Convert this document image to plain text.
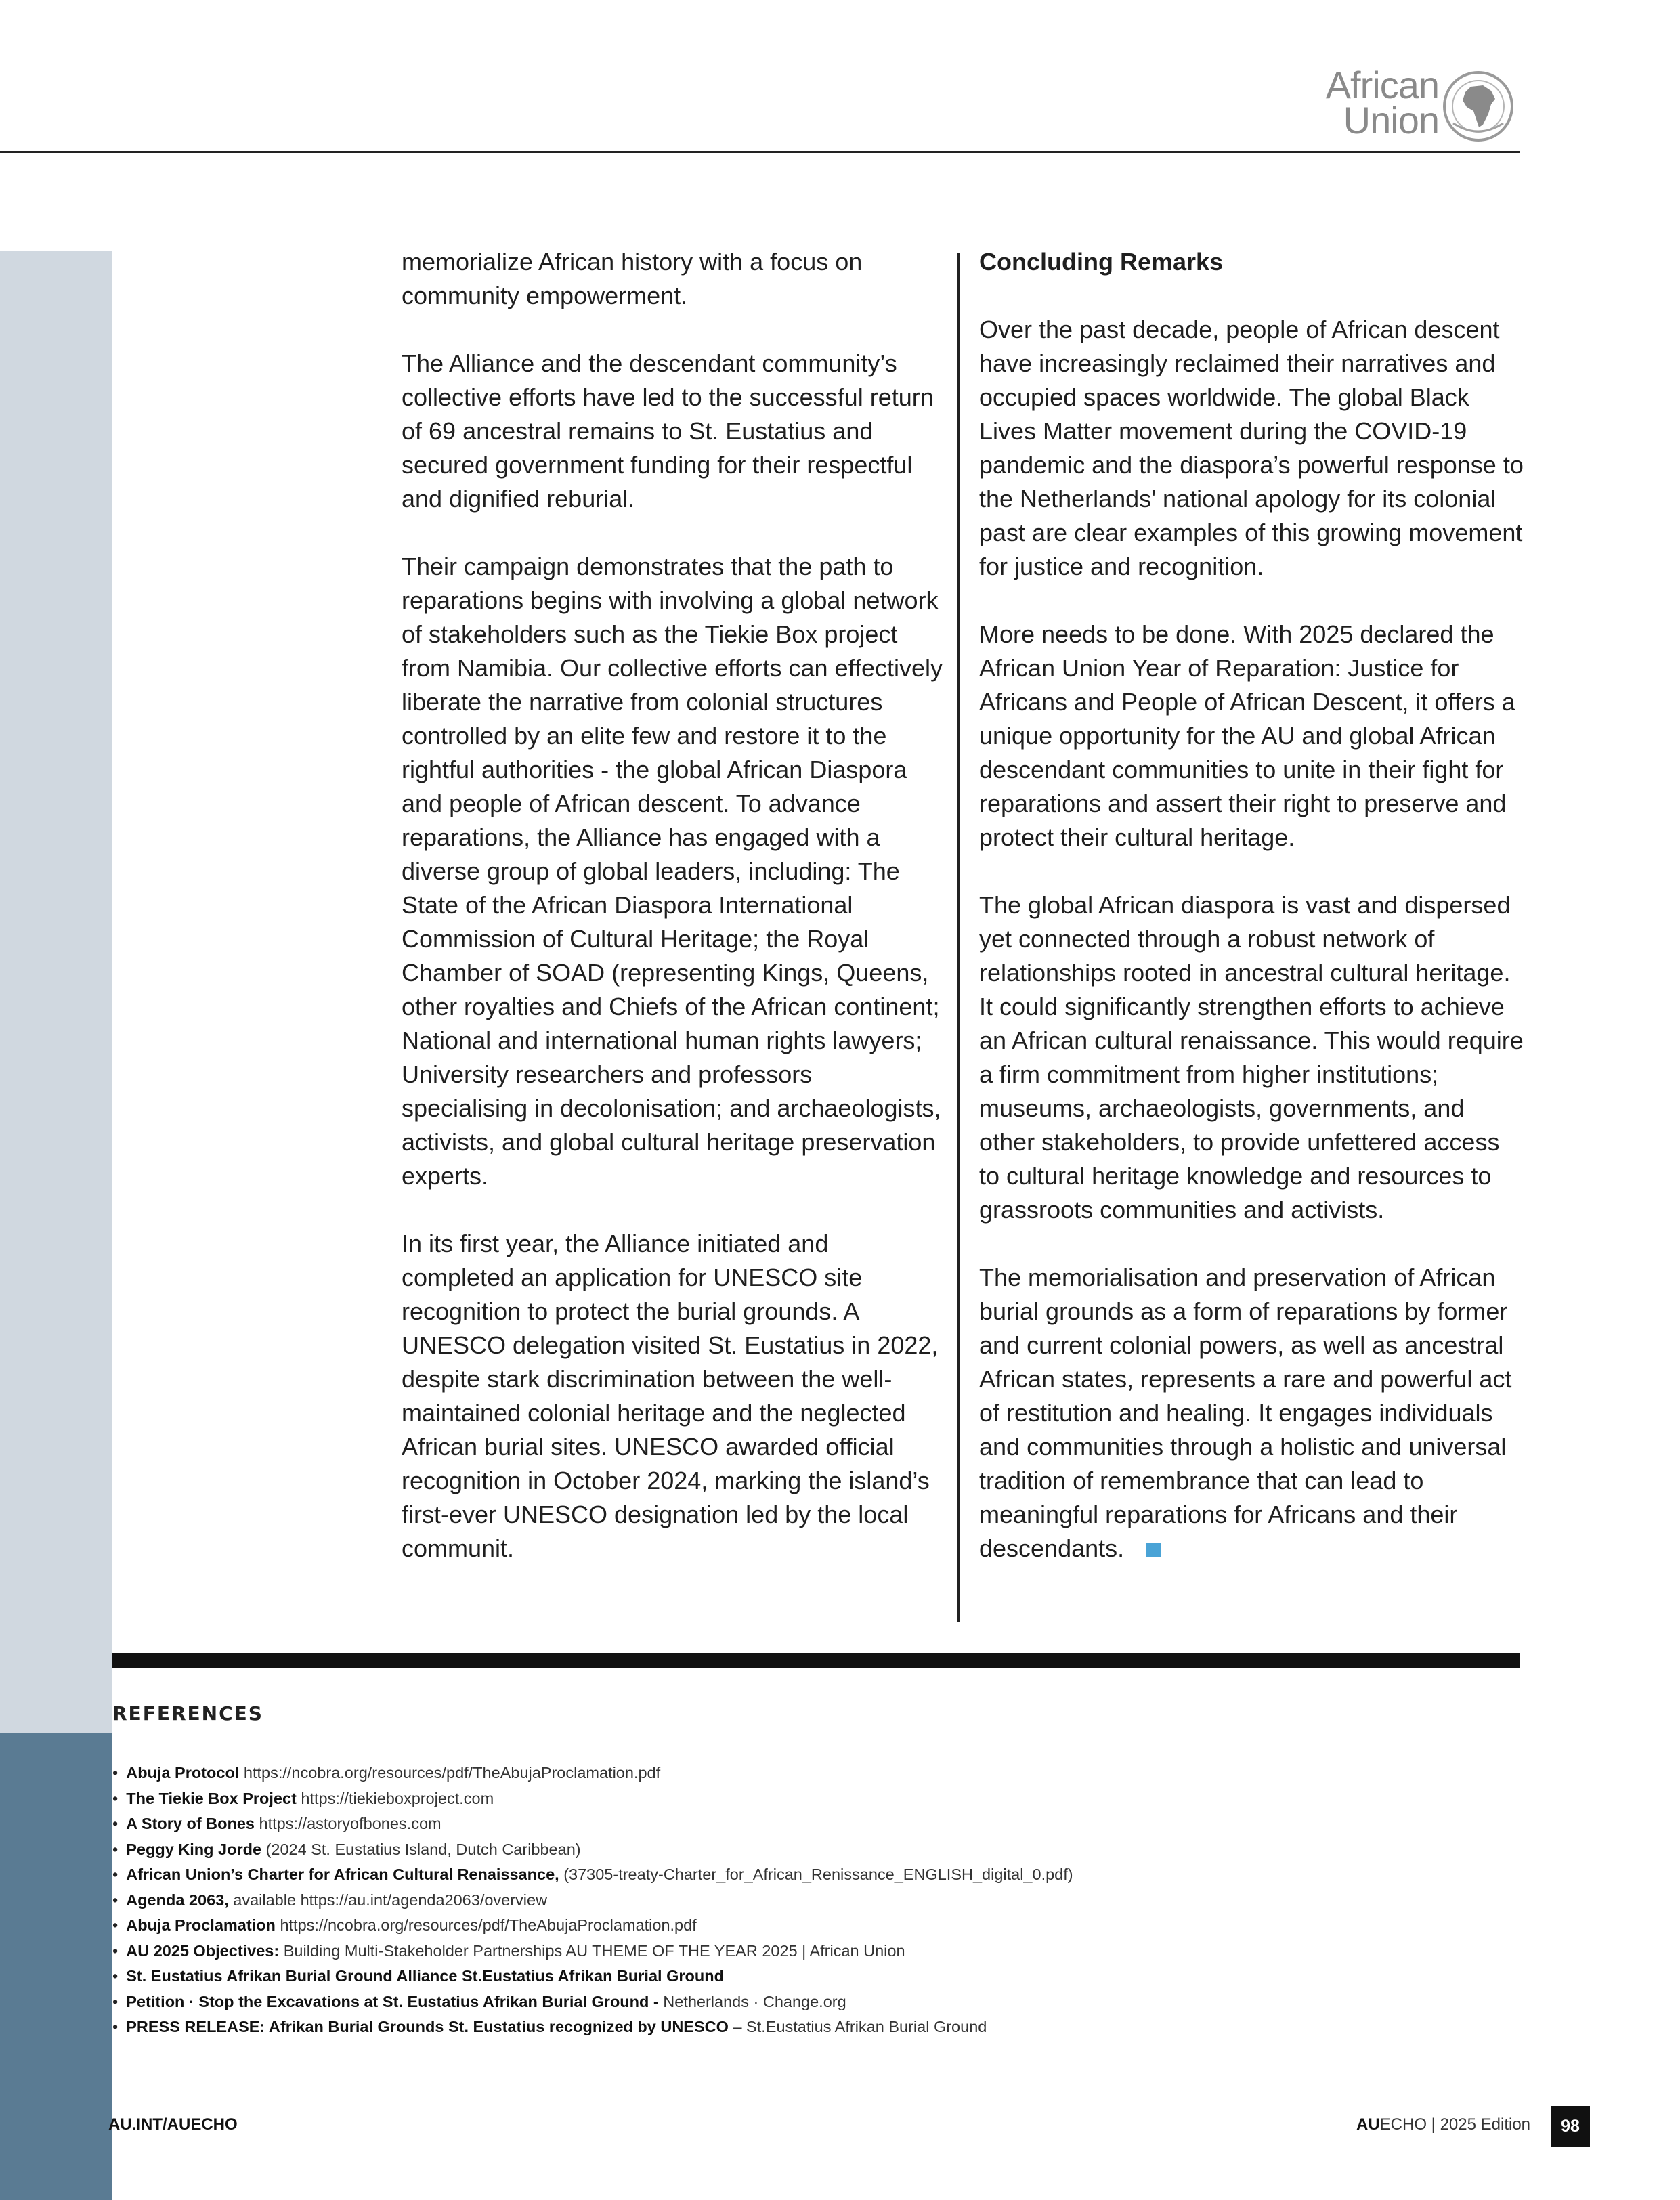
African
Union

memorialize African history with a focus on community empowerment.

The Alliance and the descendant community’s collective efforts have led to the successful return of 69 ancestral remains to St. Eustatius and secured government funding for their respectful and dignified reburial.

Their campaign demonstrates that the path to reparations begins with involving a global network of stakeholders such as the Tiekie Box project from Namibia. Our collective efforts can effectively liberate the narrative from colonial structures controlled by an elite few and restore it to the rightful authorities - the global African Diaspora and people of African descent. To advance reparations, the Alliance has engaged with a diverse group of global leaders, including: The State of the African Diaspora International Commission of Cultural Heritage; the Royal Chamber of SOAD (representing Kings, Queens, other royalties and Chiefs of the African continent; National and international human rights lawyers; University researchers and professors specialising in decolonisation; and archaeologists, activists, and global cultural heritage preservation experts.

In its first year, the Alliance initiated and completed an application for UNESCO site recognition to protect the burial grounds. A UNESCO delegation visited St. Eustatius in 2022, despite stark discrimination between the well-maintained colonial heritage and the neglected African burial sites. UNESCO awarded official recognition in October 2024, marking the island’s first-ever UNESCO designation led by the local communit.

Concluding Remarks

Over the past decade, people of African descent have increasingly reclaimed their narratives and occupied spaces worldwide. The global Black Lives Matter movement during the COVID-19 pandemic and the diaspora’s powerful response to the Netherlands' national apology for its colonial past are clear examples of this growing movement for justice and recognition.

More needs to be done. With 2025 declared the African Union Year of Reparation: Justice for Africans and People of African Descent, it offers a unique opportunity for the AU and global African descendant communities to unite in their fight for reparations and assert their right to preserve and protect their cultural heritage.

The global African diaspora is vast and dispersed yet connected through a robust network of relationships rooted in ancestral cultural heritage. It could significantly strengthen efforts to achieve an African cultural renaissance. This would require a firm commitment from higher institutions; museums, archaeologists, governments, and other stakeholders, to provide unfettered access to cultural heritage knowledge and resources to grassroots communities and activists.

The memorialisation and preservation of African burial grounds as a form of reparations by former and current colonial powers, as well as ancestral African states, represents a rare and powerful act of restitution and healing. It engages individuals and communities through a holistic and universal tradition of remembrance that can lead to meaningful reparations for Africans and their descendants.

REFERENCES
• Abuja Protocol https://ncobra.org/resources/pdf/TheAbujaProclamation.pdf
• The Tiekie Box Project https://tiekieboxproject.com
• A Story of Bones https://astoryofbones.com
• Peggy King Jorde (2024 St. Eustatius Island, Dutch Caribbean)
• African Union’s Charter for African Cultural Renaissance, (37305-treaty-Charter_for_African_Renissance_ENGLISH_digital_0.pdf)
• Agenda 2063, available https://au.int/agenda2063/overview
• Abuja Proclamation https://ncobra.org/resources/pdf/TheAbujaProclamation.pdf
• AU 2025 Objectives: Building Multi-Stakeholder Partnerships AU THEME OF THE YEAR 2025 | African Union
• St. Eustatius Afrikan Burial Ground Alliance St.Eustatius Afrikan Burial Ground
• Petition · Stop the Excavations at St. Eustatius Afrikan Burial Ground - Netherlands · Change.org
• PRESS RELEASE: Afrikan Burial Grounds St. Eustatius recognized by UNESCO – St.Eustatius Afrikan Burial Ground
AU.INT/AUECHO	AUECHO | 2025 Edition	98
